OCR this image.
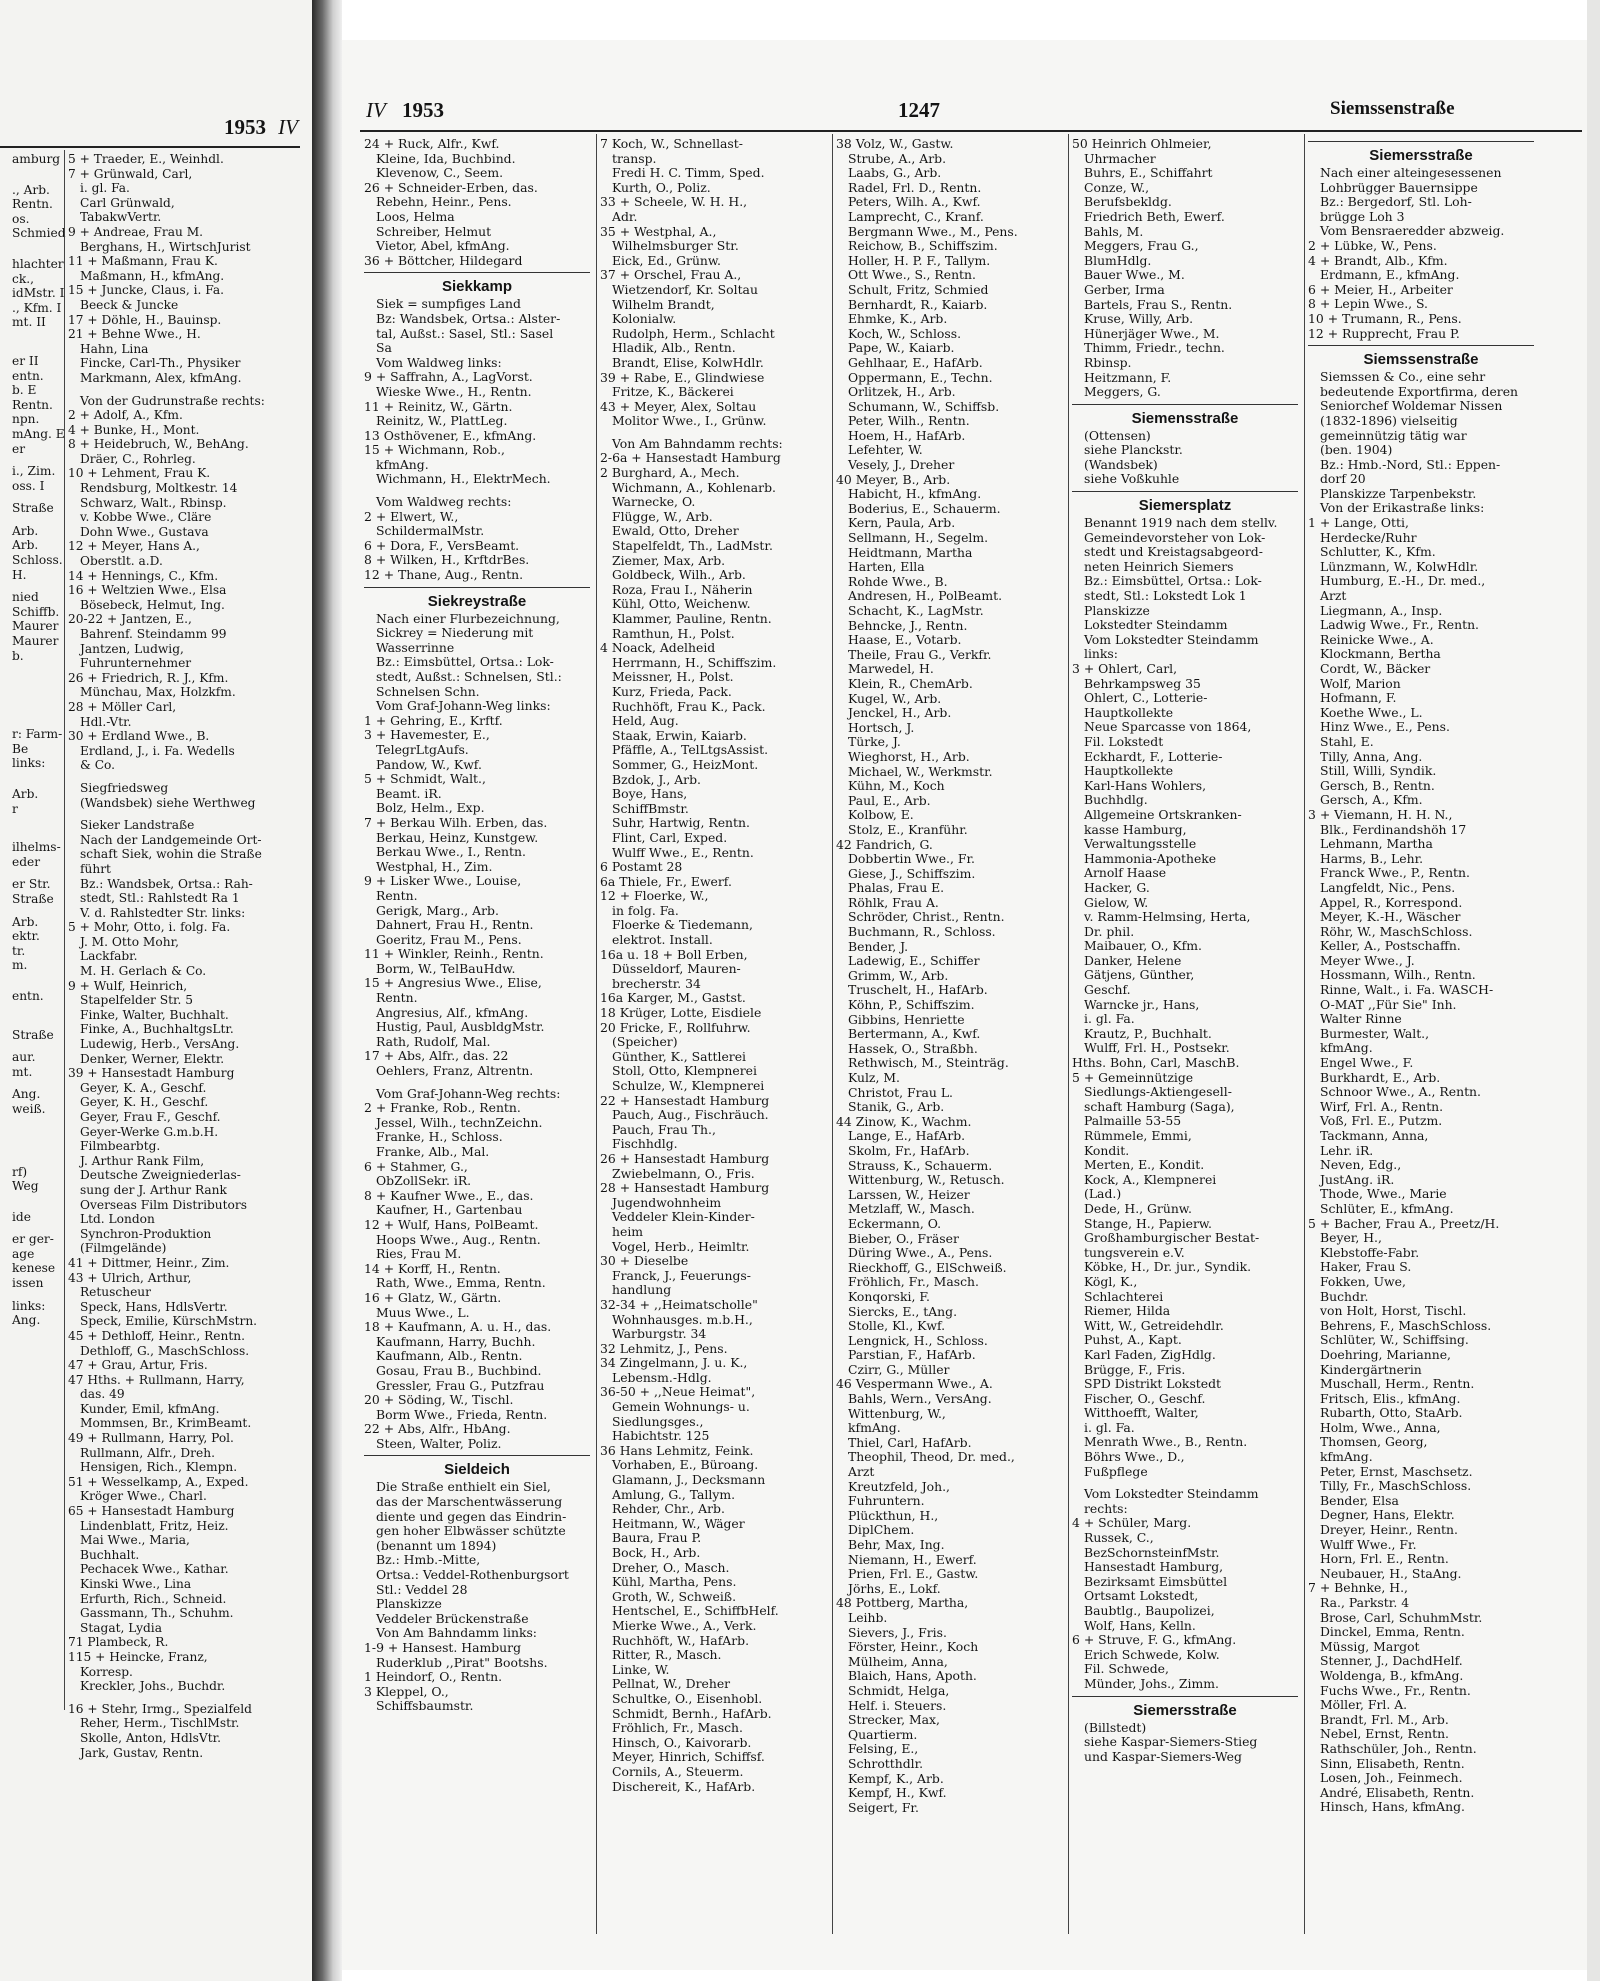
1953 IV
amburg
., Arb.
Rentn.
os.
Schmied
hlachter
ck.,
idMstr. I
., Kfm. I
mt. II
er II
entn.
b. E
Rentn.
npn.
mAng. E
er
i., Zim.
oss. I
Straße
Arb.
Arb.
Schloss.
H.
nied
Schiffb.
Maurer
Maurer
b.
r: Farm-
Be
links:
Arb.
r
ilhelms-
eder
er Str.
Straße
Arb.
ektr.
tr.
m.
entn.
Straße
aur.
mt.
Ang.
weiß.
rf)
Weg
ide
er ger-
age
kenese
issen
links:
Ang.
5 + Traeder, E., Weinhdl.
7 + Grünwald, Carl,
i. gl. Fa.
Carl Grünwald,
TabakwVertr.
9 + Andreae, Frau M.
Berghans, H., WirtschJurist
11 + Maßmann, Frau K.
Maßmann, H., kfmAng.
15 + Juncke, Claus, i. Fa.
Beeck & Juncke
17 + Döhle, H., Bauinsp.
21 + Behne Wwe., H.
Hahn, Lina
Fincke, Carl-Th., Physiker
Markmann, Alex, kfmAng.
Von der Gudrunstraße rechts:
2 + Adolf, A., Kfm.
4 + Bunke, H., Mont.
8 + Heidebruch, W., BehAng.
Dräer, C., Rohrleg.
10 + Lehment, Frau K.
Rendsburg, Moltkestr. 14
Schwarz, Walt., Rbinsp.
v. Kobbe Wwe., Cläre
Dohn Wwe., Gustava
12 + Meyer, Hans A.,
Oberstlt. a.D.
14 + Hennings, C., Kfm.
16 + Weltzien Wwe., Elsa
Bösebeck, Helmut, Ing.
20-22 + Jantzen, E.,
Bahrenf. Steindamm 99
Jantzen, Ludwig,
Fuhrunternehmer
26 + Friedrich, R. J., Kfm.
Münchau, Max, Holzkfm.
28 + Möller Carl,
Hdl.-Vtr.
30 + Erdland Wwe., B.
Erdland, J., i. Fa. Wedells
& Co.
Siegfriedsweg
(Wandsbek) siehe Werthweg
Sieker Landstraße
Nach der Landgemeinde Ort-
schaft Siek, wohin die Straße
führt
Bz.: Wandsbek, Ortsa.: Rah-
stedt, Stl.: Rahlstedt Ra 1
V. d. Rahlstedter Str. links:
5 + Mohr, Otto, i. folg. Fa.
J. M. Otto Mohr,
Lackfabr.
M. H. Gerlach & Co.
9 + Wulf, Heinrich,
Stapelfelder Str. 5
Finke, Walter, Buchhalt.
Finke, A., BuchhaltgsLtr.
Ludewig, Herb., VersAng.
Denker, Werner, Elektr.
39 + Hansestadt Hamburg
Geyer, K. A., Geschf.
Geyer, K. H., Geschf.
Geyer, Frau F., Geschf.
Geyer-Werke G.m.b.H.
Filmbearbtg.
J. Arthur Rank Film,
Deutsche Zweigniederlas-
sung der J. Arthur Rank
Overseas Film Distributors
Ltd. London
Synchron-Produktion
(Filmgelände)
41 + Dittmer, Heinr., Zim.
43 + Ulrich, Arthur,
Retuscheur
Speck, Hans, HdlsVertr.
Speck, Emilie, KürschMstrn.
45 + Dethloff, Heinr., Rentn.
Dethloff, G., MaschSchloss.
47 + Grau, Artur, Fris.
47 Hths. + Rullmann, Harry,
das. 49
Kunder, Emil, kfmAng.
Mommsen, Br., KrimBeamt.
49 + Rullmann, Harry, Pol.
Rullmann, Alfr., Dreh.
Hensigen, Rich., Klempn.
51 + Wesselkamp, A., Exped.
Kröger Wwe., Charl.
65 + Hansestadt Hamburg
Lindenblatt, Fritz, Heiz.
Mai Wwe., Maria,
Buchhalt.
Pechacek Wwe., Kathar.
Kinski Wwe., Lina
Erfurth, Rich., Schneid.
Gassmann, Th., Schuhm.
Stagat, Lydia
71 Plambeck, R.
115 + Heincke, Franz,
Korresp.
Kreckler, Johs., Buchdr.
16 + Stehr, Irmg., Spezialfeld
Reher, Herm., TischlMstr.
Skolle, Anton, HdlsVtr.
Jark, Gustav, Rentn.
IV 1953	1247	Siemssenstraße
24 + Ruck, Alfr., Kwf.
Kleine, Ida, Buchbind.
Klevenow, C., Seem.
26 + Schneider-Erben, das.
Rebehn, Heinr., Pens.
Loos, Helma
Schreiber, Helmut
Vietor, Abel, kfmAng.
36 + Böttcher, Hildegard
Siekkamp
Siek = sumpfiges Land
Bz: Wandsbek, Ortsa.: Alster-
tal, Außst.: Sasel, Stl.: Sasel
Sa
Vom Waldweg links:
9 + Saffrahn, A., LagVorst.
Wieske Wwe., H., Rentn.
11 + Reinitz, W., Gärtn.
Reinitz, W., PlattLeg.
13 Osthövener, E., kfmAng.
15 + Wichmann, Rob.,
kfmAng.
Wichmann, H., ElektrMech.
Vom Waldweg rechts:
2 + Elwert, W.,
SchildermalMstr.
6 + Dora, F., VersBeamt.
8 + Wilken, H., KrftdrBes.
12 + Thane, Aug., Rentn.
Siekreystraße
Nach einer Flurbezeichnung,
Sickrey = Niederung mit
Wasserrinne
Bz.: Eimsbüttel, Ortsa.: Lok-
stedt, Außst.: Schnelsen, Stl.:
Schnelsen Schn.
Vom Graf-Johann-Weg links:
1 + Gehring, E., Krftf.
3 + Havemester, E.,
TelegrLtgAufs.
Pandow, W., Kwf.
5 + Schmidt, Walt.,
Beamt. iR.
Bolz, Helm., Exp.
7 + Berkau Wilh. Erben, das.
Berkau, Heinz, Kunstgew.
Berkau Wwe., I., Rentn.
Westphal, H., Zim.
9 + Lisker Wwe., Louise,
Rentn.
Gerigk, Marg., Arb.
Dahnert, Frau H., Rentn.
Goeritz, Frau M., Pens.
11 + Winkler, Reinh., Rentn.
Borm, W., TelBauHdw.
15 + Angresius Wwe., Elise,
Rentn.
Angresius, Alf., kfmAng.
Hustig, Paul, AusbldgMstr.
Rath, Rudolf, Mal.
17 + Abs, Alfr., das. 22
Oehlers, Franz, Altrentn.
Vom Graf-Johann-Weg rechts:
2 + Franke, Rob., Rentn.
Jessel, Wilh., technZeichn.
Franke, H., Schloss.
Franke, Alb., Mal.
6 + Stahmer, G.,
ObZollSekr. iR.
8 + Kaufner Wwe., E., das.
Kaufner, H., Gartenbau
12 + Wulf, Hans, PolBeamt.
Hoops Wwe., Aug., Rentn.
Ries, Frau M.
14 + Korff, H., Rentn.
Rath, Wwe., Emma, Rentn.
16 + Glatz, W., Gärtn.
Muus Wwe., L.
18 + Kaufmann, A. u. H., das.
Kaufmann, Harry, Buchh.
Kaufmann, Alb., Rentn.
Gosau, Frau B., Buchbind.
Gressler, Frau G., Putzfrau
20 + Söding, W., Tischl.
Borm Wwe., Frieda, Rentn.
22 + Abs, Alfr., HbAng.
Steen, Walter, Poliz.
Sieldeich
Die Straße enthielt ein Siel,
das der Marschentwässerung
diente und gegen das Eindrin-
gen hoher Elbwässer schützte
(benannt um 1894)
Bz.: Hmb.-Mitte,
Ortsa.: Veddel-Rothenburgsort
Stl.: Veddel 28
Planskizze
Veddeler Brückenstraße
Von Am Bahndamm links:
1-9 + Hansest. Hamburg
Ruderklub ,,Pirat" Bootshs.
1 Heindorf, O., Rentn.
3 Kleppel, O.,
Schiffsbaumstr.
7 Koch, W., Schnellast-
transp.
Fredi H. C. Timm, Sped.
Kurth, O., Poliz.
33 + Scheele, W. H. H.,
Adr.
35 + Westphal, A.,
Wilhelmsburger Str.
Eick, Ed., Grünw.
37 + Orschel, Frau A.,
Wietzendorf, Kr. Soltau
Wilhelm Brandt,
Kolonialw.
Rudolph, Herm., Schlacht
Hladik, Alb., Rentn.
Brandt, Elise, KolwHdlr.
39 + Rabe, E., Glindwiese
Fritze, K., Bäckerei
43 + Meyer, Alex, Soltau
Molitor Wwe., I., Grünw.
Von Am Bahndamm rechts:
2-6a + Hansestadt Hamburg
2 Burghard, A., Mech.
Wichmann, A., Kohlenarb.
Warnecke, O.
Flügge, W., Arb.
Ewald, Otto, Dreher
Stapelfeldt, Th., LadMstr.
Ziemer, Max, Arb.
Goldbeck, Wilh., Arb.
Roza, Frau I., Näherin
Kühl, Otto, Weichenw.
Klammer, Pauline, Rentn.
Ramthun, H., Polst.
4 Noack, Adelheid
Herrmann, H., Schiffszim.
Meissner, H., Polst.
Kurz, Frieda, Pack.
Ruchhöft, Frau K., Pack.
Held, Aug.
Staak, Erwin, Kaiarb.
Pfäffle, A., TelLtgsAssist.
Sommer, G., HeizMont.
Bzdok, J., Arb.
Boye, Hans,
SchiffBmstr.
Suhr, Hartwig, Rentn.
Flint, Carl, Exped.
Wulff Wwe., E., Rentn.
6 Postamt 28
6a Thiele, Fr., Ewerf.
12 + Floerke, W.,
in folg. Fa.
Floerke & Tiedemann,
elektrot. Install.
16a u. 18 + Boll Erben,
Düsseldorf, Mauren-
brecherstr. 34
16a Karger, M., Gastst.
18 Krüger, Lotte, Eisdiele
20 Fricke, F., Rollfuhrw.
(Speicher)
Günther, K., Sattlerei
Stoll, Otto, Klempnerei
Schulze, W., Klempnerei
22 + Hansestadt Hamburg
Pauch, Aug., Fischräuch.
Pauch, Frau Th.,
Fischhdlg.
26 + Hansestadt Hamburg
Zwiebelmann, O., Fris.
28 + Hansestadt Hamburg
Jugendwohnheim
Veddeler Klein-Kinder-
heim
Vogel, Herb., Heimltr.
30 + Dieselbe
Franck, J., Feuerungs-
handlung
32-34 + ,,Heimatscholle"
Wohnhausges. m.b.H.,
Warburgstr. 34
32 Lehmitz, J., Pens.
34 Zingelmann, J. u. K.,
Lebensm.-Hdlg.
36-50 + ,,Neue Heimat",
Gemein Wohnungs- u.
Siedlungsges.,
Habichtstr. 125
36 Hans Lehmitz, Feink.
Vorhaben, E., Büroang.
Glamann, J., Decksmann
Amlung, G., Tallym.
Rehder, Chr., Arb.
Heitmann, W., Wäger
Baura, Frau P.
Bock, H., Arb.
Dreher, O., Masch.
Kühl, Martha, Pens.
Groth, W., Schweiß.
Hentschel, E., SchiffbHelf.
Mierke Wwe., A., Verk.
Ruchhöft, W., HafArb.
Ritter, R., Masch.
Linke, W.
Pellnat, W., Dreher
Schultke, O., Eisenhobl.
Schmidt, Bernh., HafArb.
Fröhlich, Fr., Masch.
Hinsch, O., Kaivorarb.
Meyer, Hinrich, Schiffsf.
Cornils, A., Steuerm.
Dischereit, K., HafArb.
38 Volz, W., Gastw.
Strube, A., Arb.
Laabs, G., Arb.
Radel, Frl. D., Rentn.
Peters, Wilh. A., Kwf.
Lamprecht, C., Kranf.
Bergmann Wwe., M., Pens.
Reichow, B., Schiffszim.
Holler, H. P. F., Tallym.
Ott Wwe., S., Rentn.
Schult, Fritz, Schmied
Bernhardt, R., Kaiarb.
Ehmke, K., Arb.
Koch, W., Schloss.
Pape, W., Kaiarb.
Gehlhaar, E., HafArb.
Oppermann, E., Techn.
Orlitzek, H., Arb.
Schumann, W., Schiffsb.
Peter, Wilh., Rentn.
Hoem, H., HafArb.
Lefehter, W.
Vesely, J., Dreher
40 Meyer, B., Arb.
Habicht, H., kfmAng.
Boderius, E., Schauerm.
Kern, Paula, Arb.
Sellmann, H., Segelm.
Heidtmann, Martha
Harten, Ella
Rohde Wwe., B.
Andresen, H., PolBeamt.
Schacht, K., LagMstr.
Behncke, J., Rentn.
Haase, E., Votarb.
Theile, Frau G., Verkfr.
Marwedel, H.
Klein, R., ChemArb.
Kugel, W., Arb.
Jenckel, H., Arb.
Hortsch, J.
Türke, J.
Wieghorst, H., Arb.
Michael, W., Werkmstr.
Kühn, M., Koch
Paul, E., Arb.
Kolbow, E.
Stolz, E., Kranführ.
42 Fandrich, G.
Dobbertin Wwe., Fr.
Giese, J., Schiffszim.
Phalas, Frau E.
Röhlk, Frau A.
Schröder, Christ., Rentn.
Buchmann, R., Schloss.
Bender, J.
Ladewig, E., Schiffer
Grimm, W., Arb.
Truschelt, H., HafArb.
Köhn, P., Schiffszim.
Gibbins, Henriette
Bertermann, A., Kwf.
Hassek, O., Straßbh.
Rethwisch, M., Steinträg.
Kulz, M.
Christot, Frau L.
Stanik, G., Arb.
44 Zinow, K., Wachm.
Lange, E., HafArb.
Skolm, Fr., HafArb.
Strauss, K., Schauerm.
Wittenburg, W., Retusch.
Larssen, W., Heizer
Metzlaff, W., Masch.
Eckermann, O.
Bieber, O., Fräser
Düring Wwe., A., Pens.
Rieckhoff, G., ElSchweiß.
Fröhlich, Fr., Masch.
Konqorski, F.
Siercks, E., tAng.
Stolle, Kl., Kwf.
Lengnick, H., Schloss.
Parstian, F., HafArb.
Czirr, G., Müller
46 Vespermann Wwe., A.
Bahls, Wern., VersAng.
Wittenburg, W.,
kfmAng.
Thiel, Carl, HafArb.
Theophil, Theod, Dr. med.,
Arzt
Kreutzfeld, Joh.,
Fuhruntern.
Plückthun, H.,
DiplChem.
Behr, Max, Ing.
Niemann, H., Ewerf.
Prien, Frl. E., Gastw.
Jörhs, E., Lokf.
48 Pottberg, Martha,
Leihb.
Sievers, J., Fris.
Förster, Heinr., Koch
Mülheim, Anna,
Blaich, Hans, Apoth.
Schmidt, Helga,
Helf. i. Steuers.
Strecker, Max,
Quartierm.
Felsing, E.,
Schrotthdlr.
Kempf, K., Arb.
Kempf, H., Kwf.
Seigert, Fr.
50 Heinrich Ohlmeier,
Uhrmacher
Buhrs, E., Schiffahrt
Conze, W.,
Berufsbekldg.
Friedrich Beth, Ewerf.
Bahls, M.
Meggers, Frau G.,
BlumHdlg.
Bauer Wwe., M.
Gerber, Irma
Bartels, Frau S., Rentn.
Kruse, Willy, Arb.
Hünerjäger Wwe., M.
Thimm, Friedr., techn.
Rbinsp.
Heitzmann, F.
Meggers, G.
Siemensstraße
(Ottensen)
siehe Planckstr.
(Wandsbek)
siehe Voßkuhle
Siemersplatz
Benannt 1919 nach dem stellv.
Gemeindevorsteher von Lok-
stedt und Kreistagsabgeord-
neten Heinrich Siemers
Bz.: Eimsbüttel, Ortsa.: Lok-
stedt, Stl.: Lokstedt Lok 1
Planskizze
Lokstedter Steindamm
Vom Lokstedter Steindamm
links:
3 + Ohlert, Carl,
Behrkampsweg 35
Ohlert, C., Lotterie-
Hauptkollekte
Neue Sparcasse von 1864,
Fil. Lokstedt
Eckhardt, F., Lotterie-
Hauptkollekte
Karl-Hans Wohlers,
Buchhdlg.
Allgemeine Ortskranken-
kasse Hamburg,
Verwaltungsstelle
Hammonia-Apotheke
Arnolf Haase
Hacker, G.
Gielow, W.
v. Ramm-Helmsing, Herta,
Dr. phil.
Maibauer, O., Kfm.
Danker, Helene
Gätjens, Günther,
Geschf.
Warncke jr., Hans,
i. gl. Fa.
Krautz, P., Buchhalt.
Wulff, Frl. H., Postsekr.
Hths. Bohn, Carl, MaschB.
5 + Gemeinnützige
Siedlungs-Aktiengesell-
schaft Hamburg (Saga),
Palmaille 53-55
Rümmele, Emmi,
Kondit.
Merten, E., Kondit.
Kock, A., Klempnerei
(Lad.)
Dede, H., Grünw.
Stange, H., Papierw.
Großhamburgischer Bestat-
tungsverein e.V.
Köbke, H., Dr. jur., Syndik.
Kögl, K.,
Schlachterei
Riemer, Hilda
Witt, W., Getreidehdlr.
Puhst, A., Kapt.
Karl Faden, ZigHdlg.
Brügge, F., Fris.
SPD Distrikt Lokstedt
Fischer, O., Geschf.
Witthoefft, Walter,
i. gl. Fa.
Menrath Wwe., B., Rentn.
Böhrs Wwe., D.,
Fußpflege
Vom Lokstedter Steindamm
rechts:
4 + Schüler, Marg.
Russek, C.,
BezSchornsteinfMstr.
Hansestadt Hamburg,
Bezirksamt Eimsbüttel
Ortsamt Lokstedt,
Baubtlg., Baupolizei,
Wolf, Hans, Kelln.
6 + Struve, F. G., kfmAng.
Erich Schwede, Kolw.
Fil. Schwede,
Münder, Johs., Zimm.
Siemersstraße
(Billstedt)
siehe Kaspar-Siemers-Stieg
und Kaspar-Siemers-Weg
Siemersstraße
Nach einer alteingesessenen
Lohbrügger Bauernsippe
Bz.: Bergedorf, Stl. Loh-
brügge Loh 3
Vom Bensraeredder abzweig.
2 + Lübke, W., Pens.
4 + Brandt, Alb., Kfm.
Erdmann, E., kfmAng.
6 + Meier, H., Arbeiter
8 + Lepin Wwe., S.
10 + Trumann, R., Pens.
12 + Rupprecht, Frau P.
Siemssenstraße
Siemssen & Co., eine sehr
bedeutende Exportfirma, deren
Seniorchef Woldemar Nissen
(1832-1896) vielseitig
gemeinnützig tätig war
(ben. 1904)
Bz.: Hmb.-Nord, Stl.: Eppen-
dorf 20
Planskizze Tarpenbekstr.
Von der Erikastraße links:
1 + Lange, Otti,
Herdecke/Ruhr
Schlutter, K., Kfm.
Lünzmann, W., KolwHdlr.
Humburg, E.-H., Dr. med.,
Arzt
Liegmann, A., Insp.
Ladwig Wwe., Fr., Rentn.
Reinicke Wwe., A.
Klockmann, Bertha
Cordt, W., Bäcker
Wolf, Marion
Hofmann, F.
Koethe Wwe., L.
Hinz Wwe., E., Pens.
Stahl, E.
Tilly, Anna, Ang.
Still, Willi, Syndik.
Gersch, B., Rentn.
Gersch, A., Kfm.
3 + Viemann, H. H. N.,
Blk., Ferdinandshöh 17
Lehmann, Martha
Harms, B., Lehr.
Franck Wwe., P., Rentn.
Langfeldt, Nic., Pens.
Appel, R., Korrespond.
Meyer, K.-H., Wäscher
Röhr, W., MaschSchloss.
Keller, A., Postschaffn.
Meyer Wwe., J.
Hossmann, Wilh., Rentn.
Rinne, Walt., i. Fa. WASCH-
O-MAT ,,Für Sie" Inh.
Walter Rinne
Burmester, Walt.,
kfmAng.
Engel Wwe., F.
Burkhardt, E., Arb.
Schnoor Wwe., A., Rentn.
Wirf, Frl. A., Rentn.
Voß, Frl. E., Putzm.
Tackmann, Anna,
Lehr. iR.
Neven, Edg.,
JustAng. iR.
Thode, Wwe., Marie
Schlüter, E., kfmAng.
5 + Bacher, Frau A., Preetz/H.
Beyer, H.,
Klebstoffe-Fabr.
Haker, Frau S.
Fokken, Uwe,
Buchdr.
von Holt, Horst, Tischl.
Behrens, F., MaschSchloss.
Schlüter, W., Schiffsing.
Doehring, Marianne,
Kindergärtnerin
Muschall, Herm., Rentn.
Fritsch, Elis., kfmAng.
Rubarth, Otto, StaArb.
Holm, Wwe., Anna,
Thomsen, Georg,
kfmAng.
Peter, Ernst, Maschsetz.
Tilly, Fr., MaschSchloss.
Bender, Elsa
Degner, Hans, Elektr.
Dreyer, Heinr., Rentn.
Wulff Wwe., Fr.
Horn, Frl. E., Rentn.
Neubauer, H., StaAng.
7 + Behnke, H.,
Ra., Parkstr. 4
Brose, Carl, SchuhmMstr.
Dinckel, Emma, Rentn.
Müssig, Margot
Stenner, J., DachdHelf.
Woldenga, B., kfmAng.
Fuchs Wwe., Fr., Rentn.
Möller, Frl. A.
Brandt, Frl. M., Arb.
Nebel, Ernst, Rentn.
Rathschüler, Joh., Rentn.
Sinn, Elisabeth, Rentn.
Losen, Joh., Feinmech.
André, Elisabeth, Rentn.
Hinsch, Hans, kfmAng.
